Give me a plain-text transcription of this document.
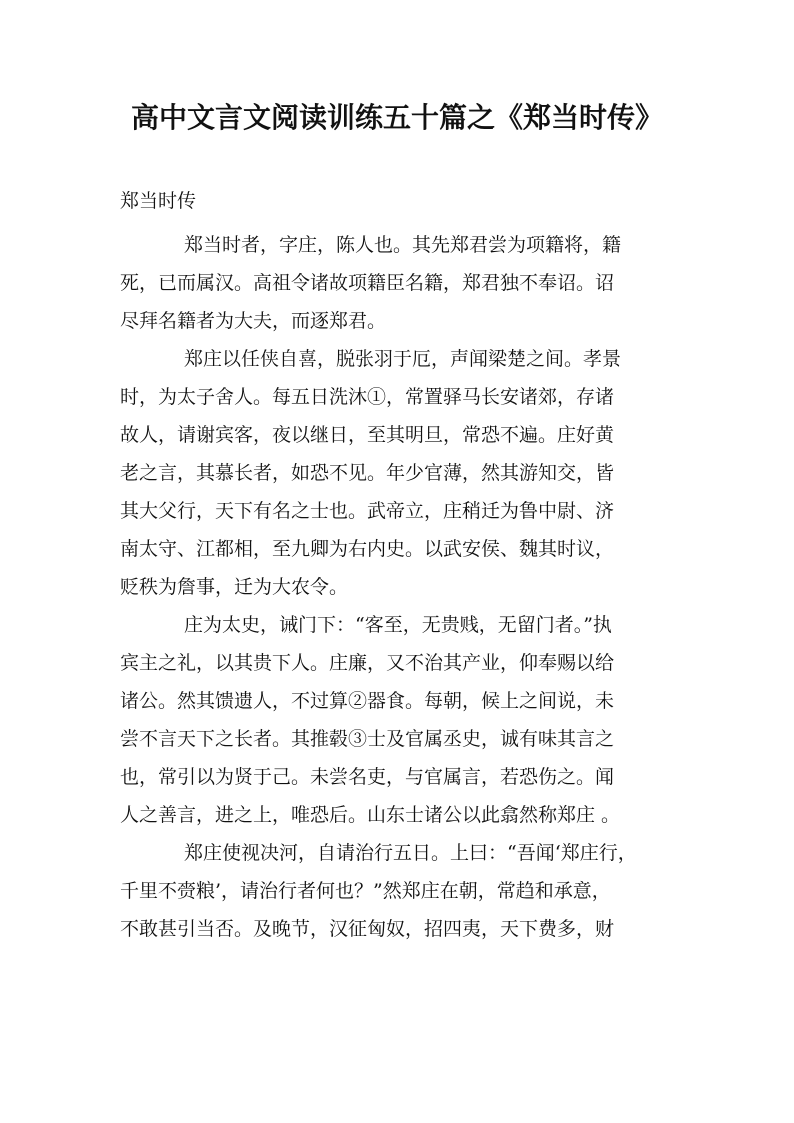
高中文言文阅读训练五十篇之《郑当时传》
郑当时传
郑当时者，字庄，陈人也。其先郑君尝为项籍将，籍
死，已而属汉。高祖令诸故项籍臣名籍，郑君独不奉诏。诏
尽拜名籍者为大夫，而逐郑君。
郑庄以任侠自喜，脱张羽于厄，声闻梁楚之间。孝景
时，为太子舍人。每五日洗沐①，常置驿马长安诸郊，存诸
故人，请谢宾客，夜以继日，至其明旦，常恐不遍。庄好黄
老之言，其慕长者，如恐不见。年少官薄，然其游知交，皆
其大父行，天下有名之士也。武帝立，庄稍迁为鲁中尉、济
南太守、江都相，至九卿为右内史。以武安侯、魏其时议，
贬秩为詹事，迁为大农令。
庄为太史，诫门下：“客至，无贵贱，无留门者。”执
宾主之礼，以其贵下人。庄廉，又不治其产业，仰奉赐以给
诸公。然其馈遗人，不过算②器食。每朝，候上之间说，未
尝不言天下之长者。其推毂③士及官属丞史，诚有味其言之
也，常引以为贤于己。未尝名吏，与官属言，若恐伤之。闻
人之善言，进之上，唯恐后。山东士诸公以此翕然称郑庄 。
郑庄使视决河，自请治行五日。上曰：“吾闻‘郑庄行，
千里不赍粮’，请治行者何也？”然郑庄在朝，常趋和承意，
不敢甚引当否。及晚节，汉征匈奴，招四夷，天下费多，财
